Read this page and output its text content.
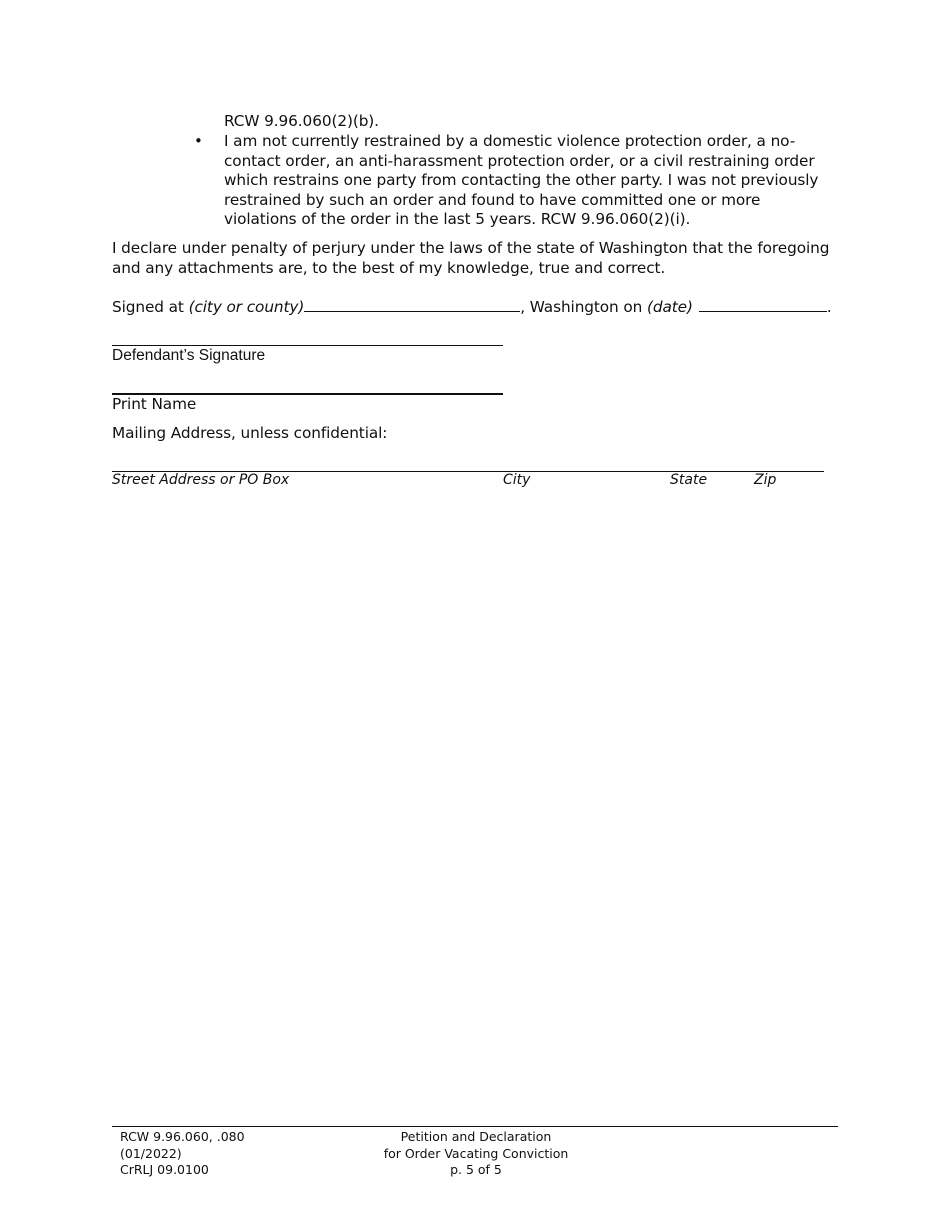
RCW 9.96.060(2)(b).
• I am not currently restrained by a domestic violence protection order, a no-contact order, an anti-harassment protection order, or a civil restraining order which restrains one party from contacting the other party. I was not previously restrained by such an order and found to have committed one or more violations of the order in the last 5 years. RCW 9.96.060(2)(i).
I declare under penalty of perjury under the laws of the state of Washington that the foregoing and any attachments are, to the best of my knowledge, true and correct.
Signed at (city or county)	, Washington on (date)	.
Defendant’s Signature
Print Name
Mailing Address, unless confidential:
Street Address or PO Box	City	State	Zip
RCW 9.96.060, .080
(01/2022)
CrRLJ 09.0100
Petition and Declaration
for Order Vacating Conviction
p. 5 of 5
